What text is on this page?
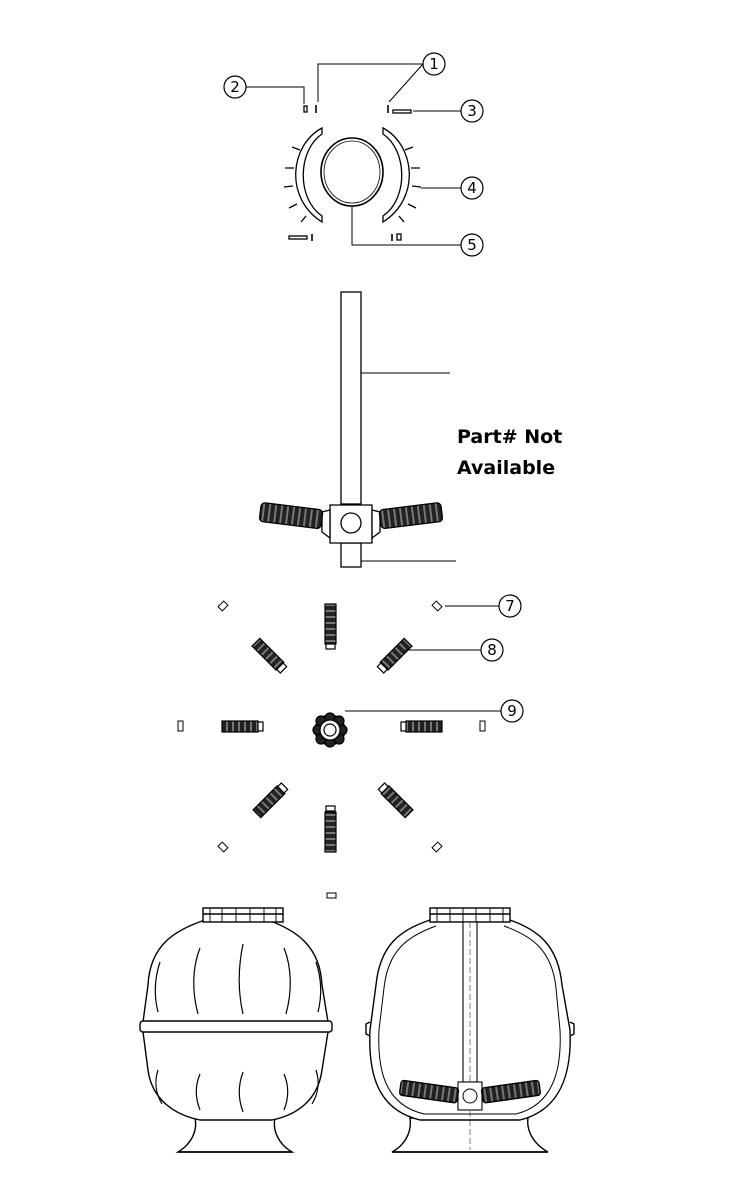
1
2
3
4
5
7
8
9
Part# Not
Available
